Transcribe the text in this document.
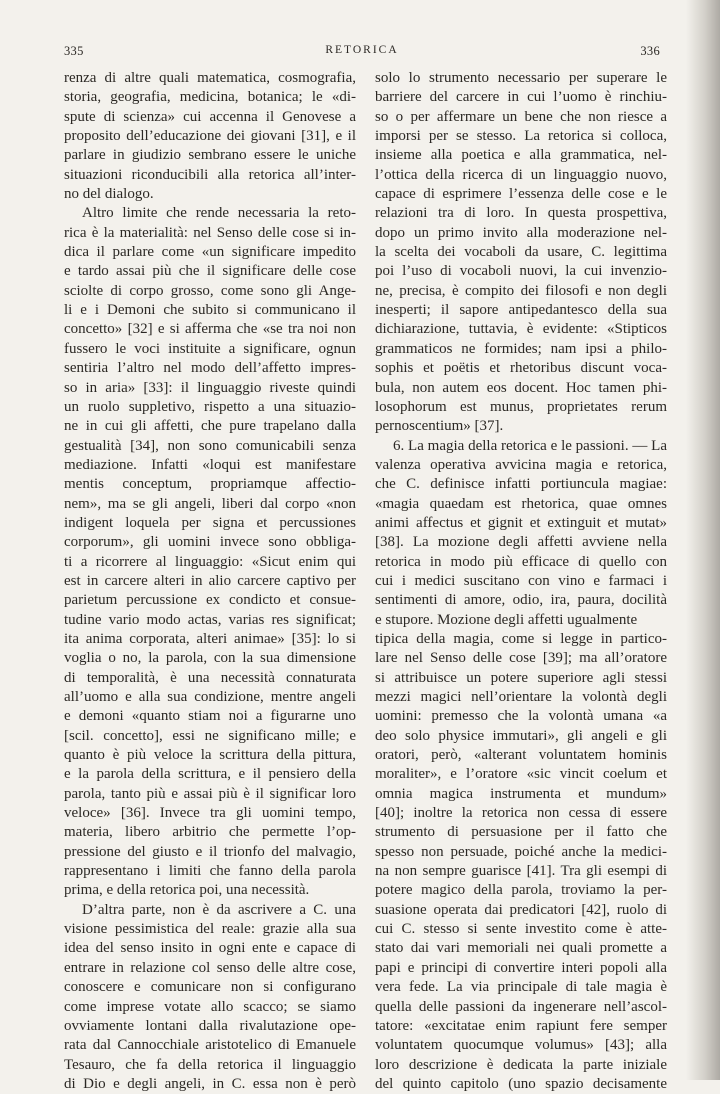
335	RETORICA	336
renza di altre quali matematica, cosmografia,
storia, geografia, medicina, botanica; le «di-
spute di scienza» cui accenna il Genovese a
proposito dell’educazione dei giovani [31], e il
parlare in giudizio sembrano essere le uniche
situazioni riconducibili alla retorica all’inter-
no del dialogo.
Altro limite che rende necessaria la reto-
rica è la materialità: nel Senso delle cose si in-
dica il parlare come «un significare impedito
e tardo assai più che il significare delle cose
sciolte di corpo grosso, come sono gli Ange-
li e i Demoni che subito si communicano il
concetto» [32] e si afferma che «se tra noi non
fussero le voci instituite a significare, ognun
sentiria l’altro nel modo dell’affetto impres-
so in aria» [33]: il linguaggio riveste quindi
un ruolo suppletivo, rispetto a una situazio-
ne in cui gli affetti, che pure trapelano dalla
gestualità [34], non sono comunicabili senza
mediazione. Infatti «loqui est manifestare
mentis conceptum, propriamque affectio-
nem», ma se gli angeli, liberi dal corpo «non
indigent loquela per signa et percussiones
corporum», gli uomini invece sono obbliga-
ti a ricorrere al linguaggio: «Sicut enim qui
est in carcere alteri in alio carcere captivo per
parietum percussione ex condicto et consue-
tudine vario modo actas, varias res significat;
ita anima corporata, alteri animae» [35]: lo si
voglia o no, la parola, con la sua dimensione
di temporalità, è una necessità connaturata
all’uomo e alla sua condizione, mentre angeli
e demoni «quanto stiam noi a figurarne uno
[scil. concetto], essi ne significano mille; e
quanto è più veloce la scrittura della pittura,
e la parola della scrittura, e il pensiero della
parola, tanto più e assai più è il significar loro
veloce» [36]. Invece tra gli uomini tempo,
materia, libero arbitrio che permette l’op-
pressione del giusto e il trionfo del malvagio,
rappresentano i limiti che fanno della parola
prima, e della retorica poi, una necessità.
D’altra parte, non è da ascrivere a C. una
visione pessimistica del reale: grazie alla sua
idea del senso insito in ogni ente e capace di
entrare in relazione col senso delle altre cose,
conoscere e comunicare non si configurano
come imprese votate allo scacco; se siamo
ovviamente lontani dalla rivalutazione ope-
rata dal Cannocchiale aristotelico di Emanuele
Tesauro, che fa della retorica il linguaggio
di Dio e degli angeli, in C. essa non è però
solo lo strumento necessario per superare le
barriere del carcere in cui l’uomo è rinchiu-
so o per affermare un bene che non riesce a
imporsi per se stesso. La retorica si colloca,
insieme alla poetica e alla grammatica, nel-
l’ottica della ricerca di un linguaggio nuovo,
capace di esprimere l’essenza delle cose e le
relazioni tra di loro. In questa prospettiva,
dopo un primo invito alla moderazione nel-
la scelta dei vocaboli da usare, C. legittima
poi l’uso di vocaboli nuovi, la cui invenzio-
ne, precisa, è compito dei filosofi e non degli
inesperti; il sapore antipedantesco della sua
dichiarazione, tuttavia, è evidente: «Stipticos
grammaticos ne formides; nam ipsi a philo-
sophis et poëtis et rhetoribus discunt voca-
bula, non autem eos docent. Hoc tamen phi-
losophorum est munus, proprietates rerum
pernoscentium» [37].
6. La magia della retorica e le passioni. — La
valenza operativa avvicina magia e retorica,
che C. definisce infatti portiuncula magiae:
«magia quaedam est rhetorica, quae omnes
animi affectus et gignit et extinguit et mutat»
[38]. La mozione degli affetti avviene nella
retorica in modo più efficace di quello con
cui i medici suscitano con vino e farmaci i
sentimenti di amore, odio, ira, paura, docilità
e stupore. Mozione degli affetti ugualmente
tipica della magia, come si legge in partico-
lare nel Senso delle cose [39]; ma all’oratore
si attribuisce un potere superiore agli stessi
mezzi magici nell’orientare la volontà degli
uomini: premesso che la volontà umana «a
deo solo physice immutari», gli angeli e gli
oratori, però, «alterant voluntatem hominis
moraliter», e l’oratore «sic vincit coelum et
omnia magica instrumenta et mundum»
[40]; inoltre la retorica non cessa di essere
strumento di persuasione per il fatto che
spesso non persuade, poiché anche la medici-
na non sempre guarisce [41]. Tra gli esempi di
potere magico della parola, troviamo la per-
suasione operata dai predicatori [42], ruolo di
cui C. stesso si sente investito come è atte-
stato dai vari memoriali nei quali promette a
papi e principi di convertire interi popoli alla
vera fede. La via principale di tale magia è
quella delle passioni da ingenerare nell’ascol-
tatore: «excitatae enim rapiunt fere semper
voluntatem quocumque volumus» [43]; alla
loro descrizione è dedicata la parte iniziale
del quinto capitolo (uno spazio decisamente
